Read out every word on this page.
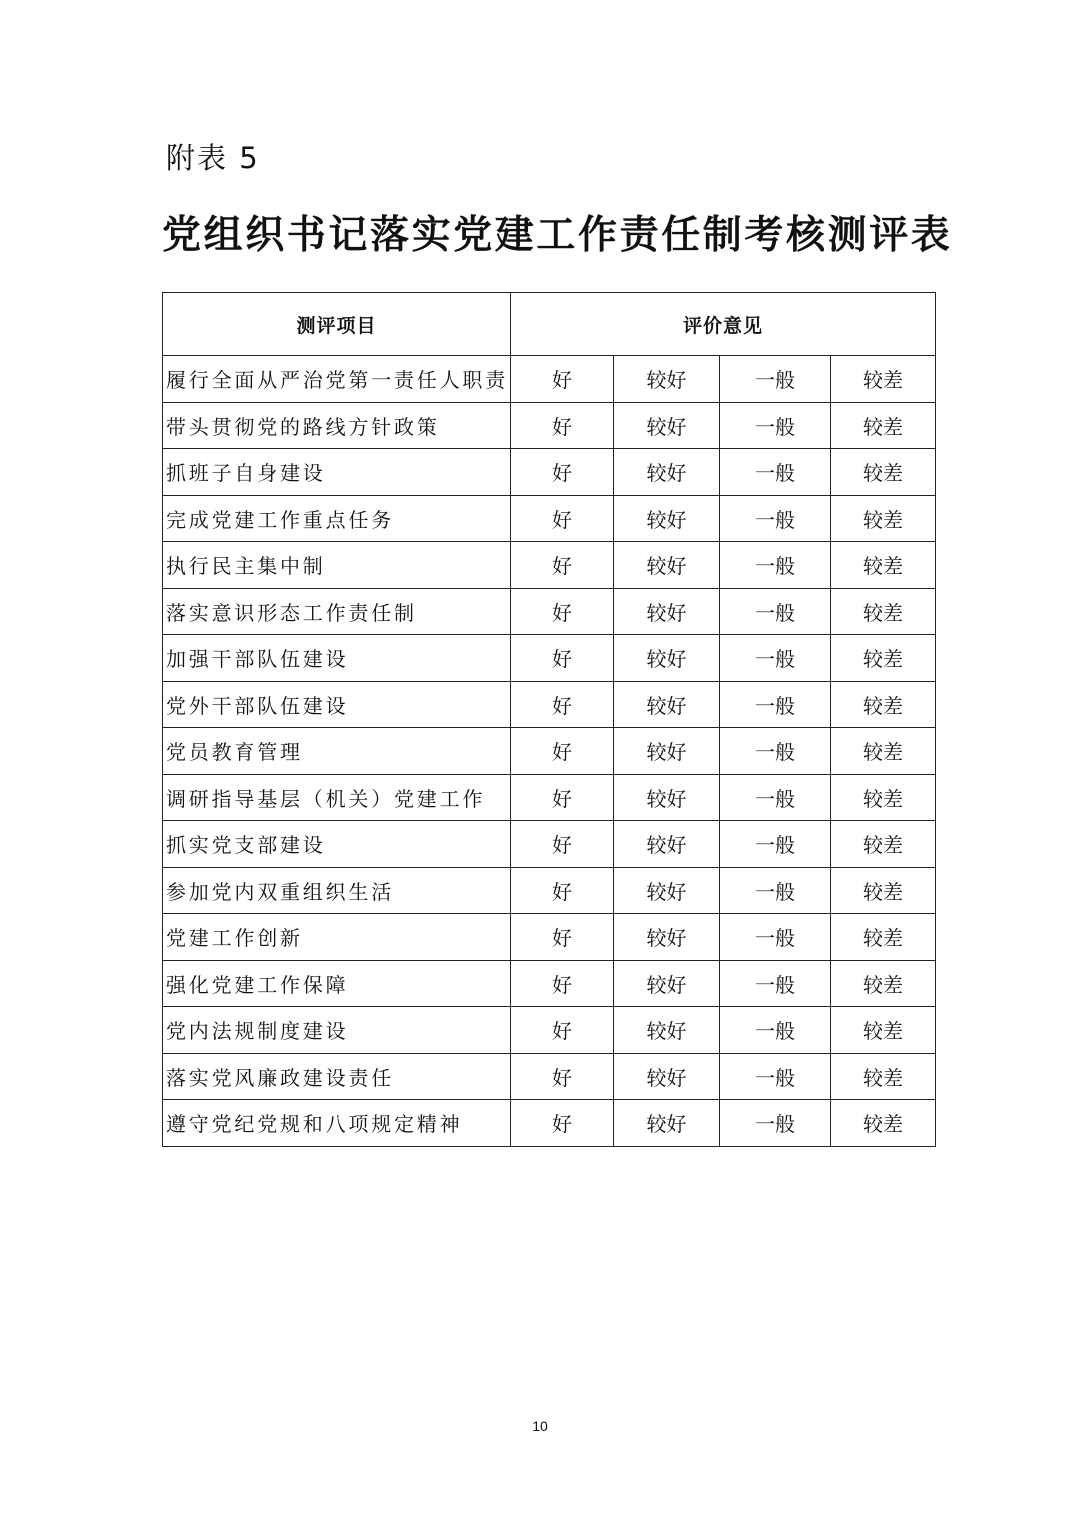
附表 5
党组织书记落实党建工作责任制考核测评表
测评项目	评价意见			
履行全面从严治党第一责任人职责	好	较好	一般	较差
带头贯彻党的路线方针政策	好	较好	一般	较差
抓班子自身建设	好	较好	一般	较差
完成党建工作重点任务	好	较好	一般	较差
执行民主集中制	好	较好	一般	较差
落实意识形态工作责任制	好	较好	一般	较差
加强干部队伍建设	好	较好	一般	较差
党外干部队伍建设	好	较好	一般	较差
党员教育管理	好	较好	一般	较差
调研指导基层（机关）党建工作	好	较好	一般	较差
抓实党支部建设	好	较好	一般	较差
参加党内双重组织生活	好	较好	一般	较差
党建工作创新	好	较好	一般	较差
强化党建工作保障	好	较好	一般	较差
党内法规制度建设	好	较好	一般	较差
落实党风廉政建设责任	好	较好	一般	较差
遵守党纪党规和八项规定精神	好	较好	一般	较差
10
